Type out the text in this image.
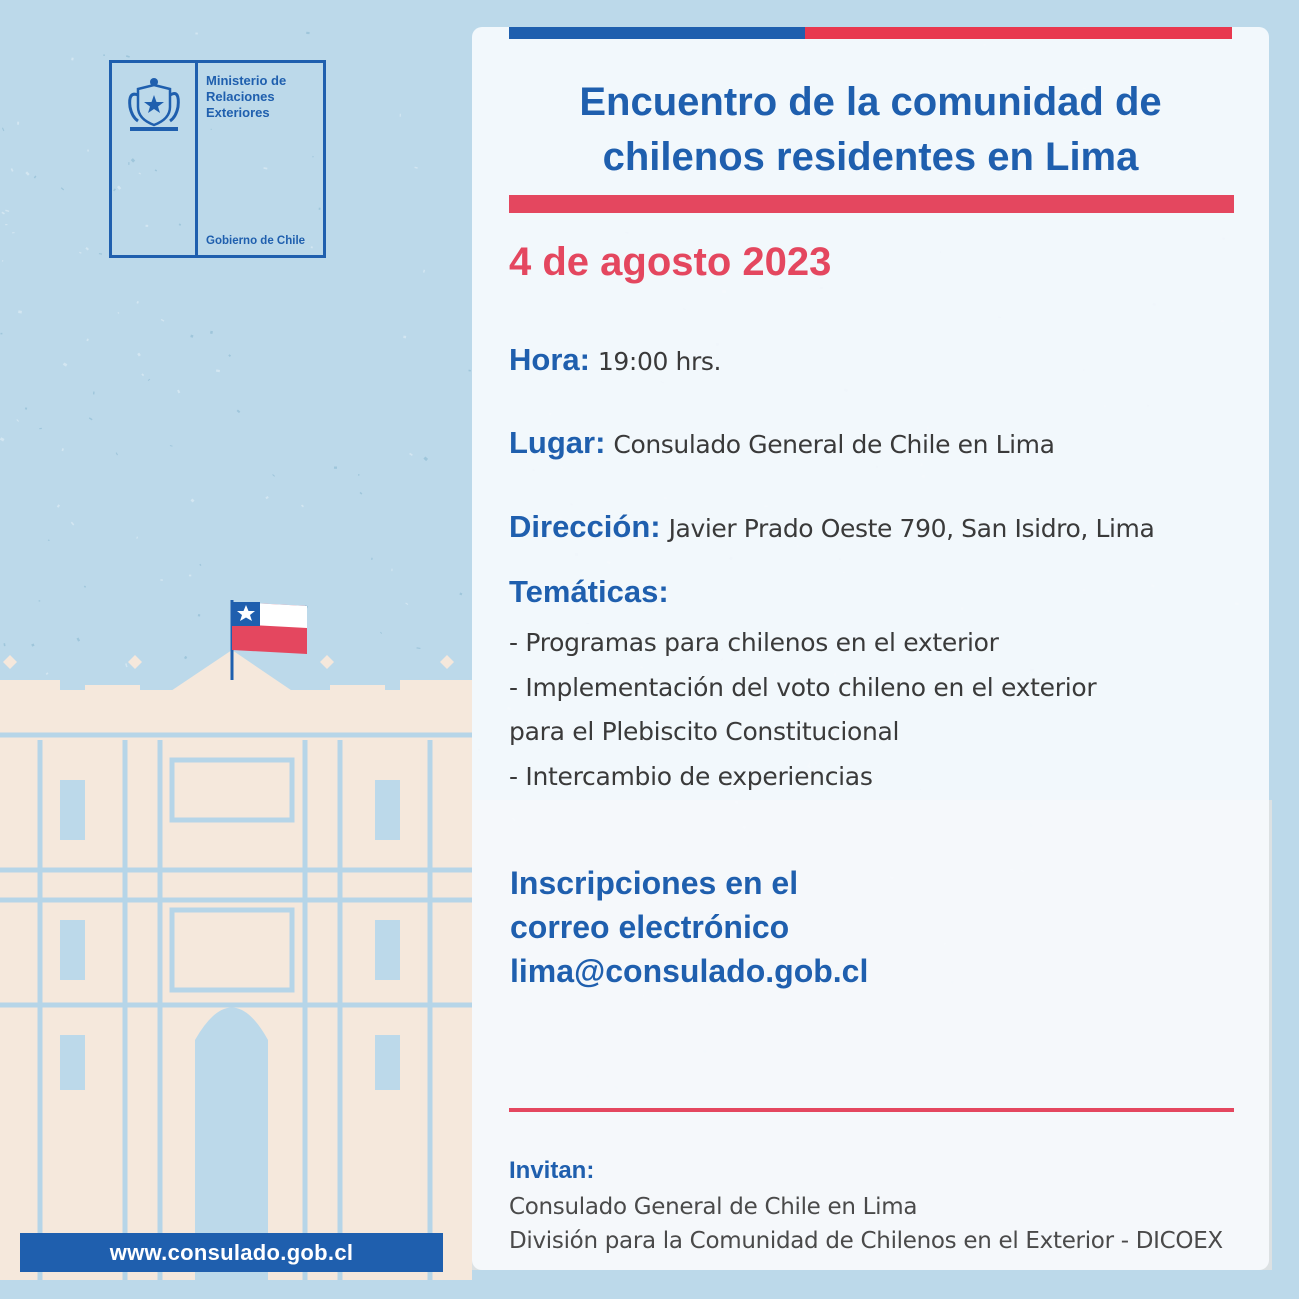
Ministerio de
Relaciones
Exteriores
Gobierno de Chile
www.consulado.gob.cl
Encuentro de la comunidad de
chilenos residentes en Lima
4 de agosto 2023
Hora: 19:00 hrs.
Lugar: Consulado General de Chile en Lima
Dirección: Javier Prado Oeste 790, San Isidro, Lima
Temáticas:
- Programas para chilenos en el exterior
- Implementación del voto chileno en el exterior
para el Plebiscito Constitucional
- Intercambio de experiencias
Inscripciones en el
correo electrónico
lima@consulado.gob.cl
Invitan:
Consulado General de Chile en Lima
División para la Comunidad de Chilenos en el Exterior - DICOEX
